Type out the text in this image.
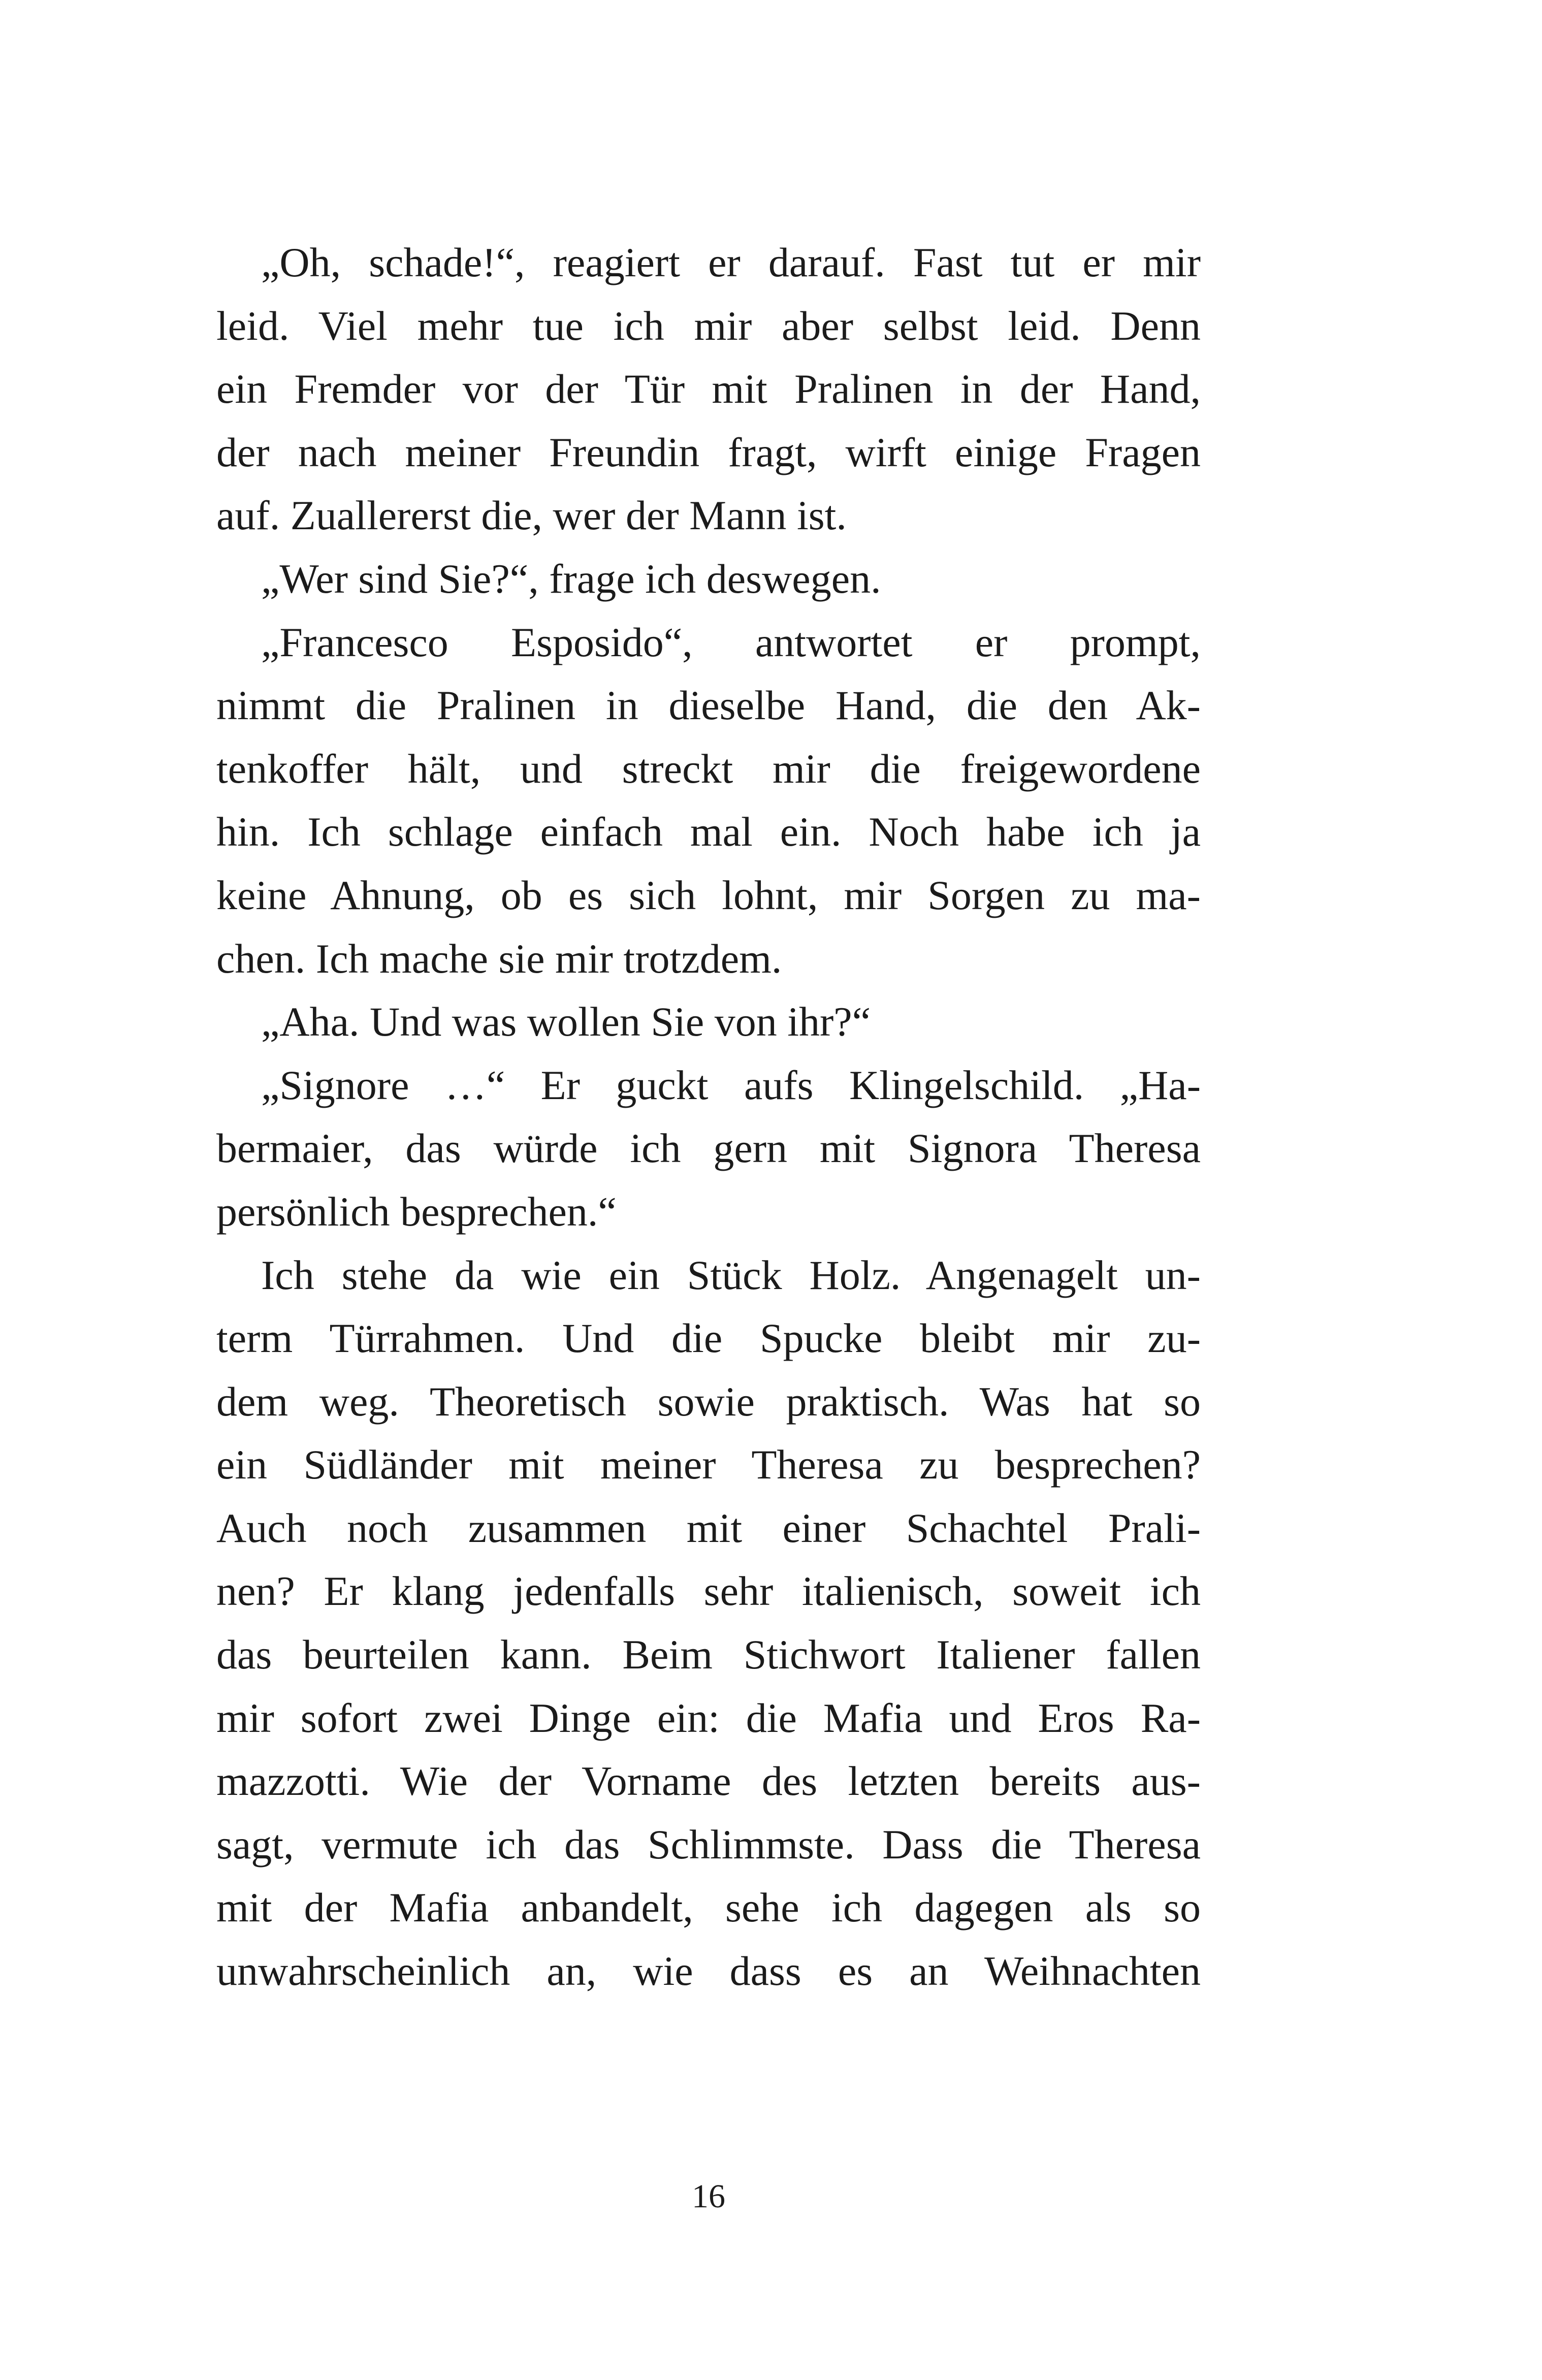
„Oh, schade!“, reagiert er darauf. Fast tut er mir
leid. Viel mehr tue ich mir aber selbst leid. Denn
ein Fremder vor der Tür mit Pralinen in der Hand,
der nach meiner Freundin fragt, wirft einige Fragen
auf. Zuallererst die, wer der Mann ist.
„Wer sind Sie?“, frage ich deswegen.
„Francesco Esposido“, antwortet er prompt,
nimmt die Pralinen in dieselbe Hand, die den Ak-
tenkoffer hält, und streckt mir die freigewordene
hin. Ich schlage einfach mal ein. Noch habe ich ja
keine Ahnung, ob es sich lohnt, mir Sorgen zu ma-
chen. Ich mache sie mir trotzdem.
„Aha. Und was wollen Sie von ihr?“
„Signore …“ Er guckt aufs Klingelschild. „Ha-
bermaier, das würde ich gern mit Signora Theresa
persönlich besprechen.“
Ich stehe da wie ein Stück Holz. Angenagelt un-
term Türrahmen. Und die Spucke bleibt mir zu-
dem weg. Theoretisch sowie praktisch. Was hat so
ein Südländer mit meiner Theresa zu besprechen?
Auch noch zusammen mit einer Schachtel Prali-
nen? Er klang jedenfalls sehr italienisch, soweit ich
das beurteilen kann. Beim Stichwort Italiener fallen
mir sofort zwei Dinge ein: die Mafia und Eros Ra-
mazzotti. Wie der Vorname des letzten bereits aus-
sagt, vermute ich das Schlimmste. Dass die Theresa
mit der Mafia anbandelt, sehe ich dagegen als so
unwahrscheinlich an, wie dass es an Weihnachten
16
